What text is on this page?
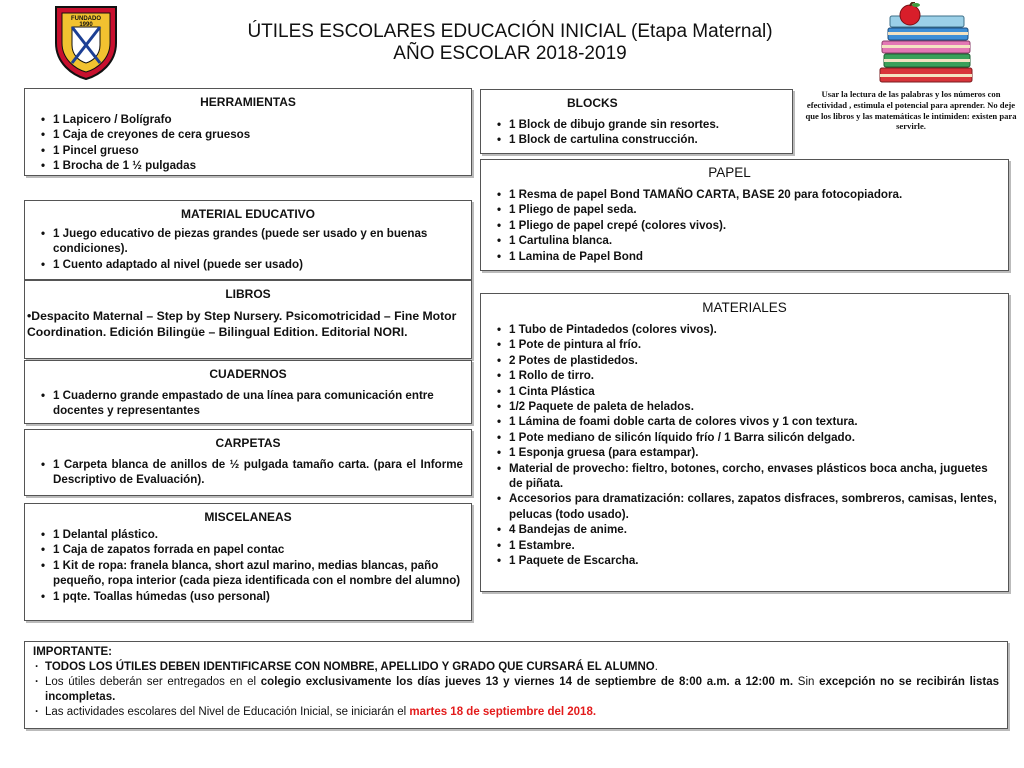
FUNDADO
1990	ÚTILES ESCOLARES EDUCACIÓN INICIAL (Etapa Maternal)
AÑO ESCOLAR 2018-2019
Usar la lectura de las palabras y los números con efectividad , estimula el potencial para aprender. No deje que los libros y las matemáticas le intimiden: existen para servirle.
HERRAMIENTAS
• 1 Lapicero / Bolígrafo
• 1 Caja de creyones de cera gruesos
• 1 Pincel grueso
• 1 Brocha de 1 ½ pulgadas
BLOCKS
• 1 Block de dibujo grande sin resortes.
• 1 Block de cartulina construcción.
PAPEL
• 1 Resma de papel Bond TAMAÑO CARTA, BASE 20 para fotocopiadora.
• 1 Pliego de papel seda.
• 1 Pliego de papel crepé (colores vivos).
• 1 Cartulina blanca.
• 1 Lamina de Papel Bond
MATERIAL EDUCATIVO
• 1 Juego educativo de piezas grandes (puede ser usado y en buenas condiciones).
• 1 Cuento adaptado al nivel (puede ser usado)
LIBROS
•Despacito Maternal – Step by Step Nursery. Psicomotricidad – Fine Motor Coordination. Edición Bilingüe – Bilingual Edition. Editorial NORI.
CUADERNOS
• 1 Cuaderno grande empastado de una línea para comunicación entre docentes y representantes
CARPETAS
• 1 Carpeta blanca de anillos de ½ pulgada tamaño carta. (para el Informe Descriptivo de Evaluación).
MISCELANEAS
• 1 Delantal plástico.
• 1 Caja de zapatos forrada en papel contac
• 1 Kit de ropa: franela blanca, short azul marino, medias blancas, paño pequeño, ropa interior (cada pieza identificada con el nombre del alumno)
• 1 pqte. Toallas húmedas (uso personal)
MATERIALES
• 1 Tubo de Pintadedos (colores vivos).
• 1 Pote de pintura al frío.
• 2 Potes de plastidedos.
• 1 Rollo de tirro.
• 1 Cinta Plástica
• 1/2 Paquete de paleta de helados.
• 1 Lámina de foami doble carta de colores vivos y 1 con textura.
• 1 Pote mediano de silicón líquido frío / 1 Barra silicón delgado.
• 1 Esponja gruesa (para estampar).
• Material de provecho: fieltro, botones, corcho, envases plásticos boca ancha, juguetes de piñata.
• Accesorios para dramatización: collares, zapatos disfraces, sombreros, camisas, lentes, pelucas (todo usado).
• 4 Bandejas de anime.
• 1 Estambre.
• 1 Paquete de Escarcha.
IMPORTANTE:
· TODOS LOS ÚTILES DEBEN IDENTIFICARSE CON NOMBRE, APELLIDO Y GRADO QUE CURSARÁ EL ALUMNO.
· Los útiles deberán ser entregados en el colegio exclusivamente los días jueves 13 y viernes 14 de septiembre de 8:00 a.m. a 12:00 m. Sin excepción no se recibirán listas incompletas.
· Las actividades escolares del Nivel de Educación Inicial, se iniciarán el martes 18 de septiembre del 2018.
